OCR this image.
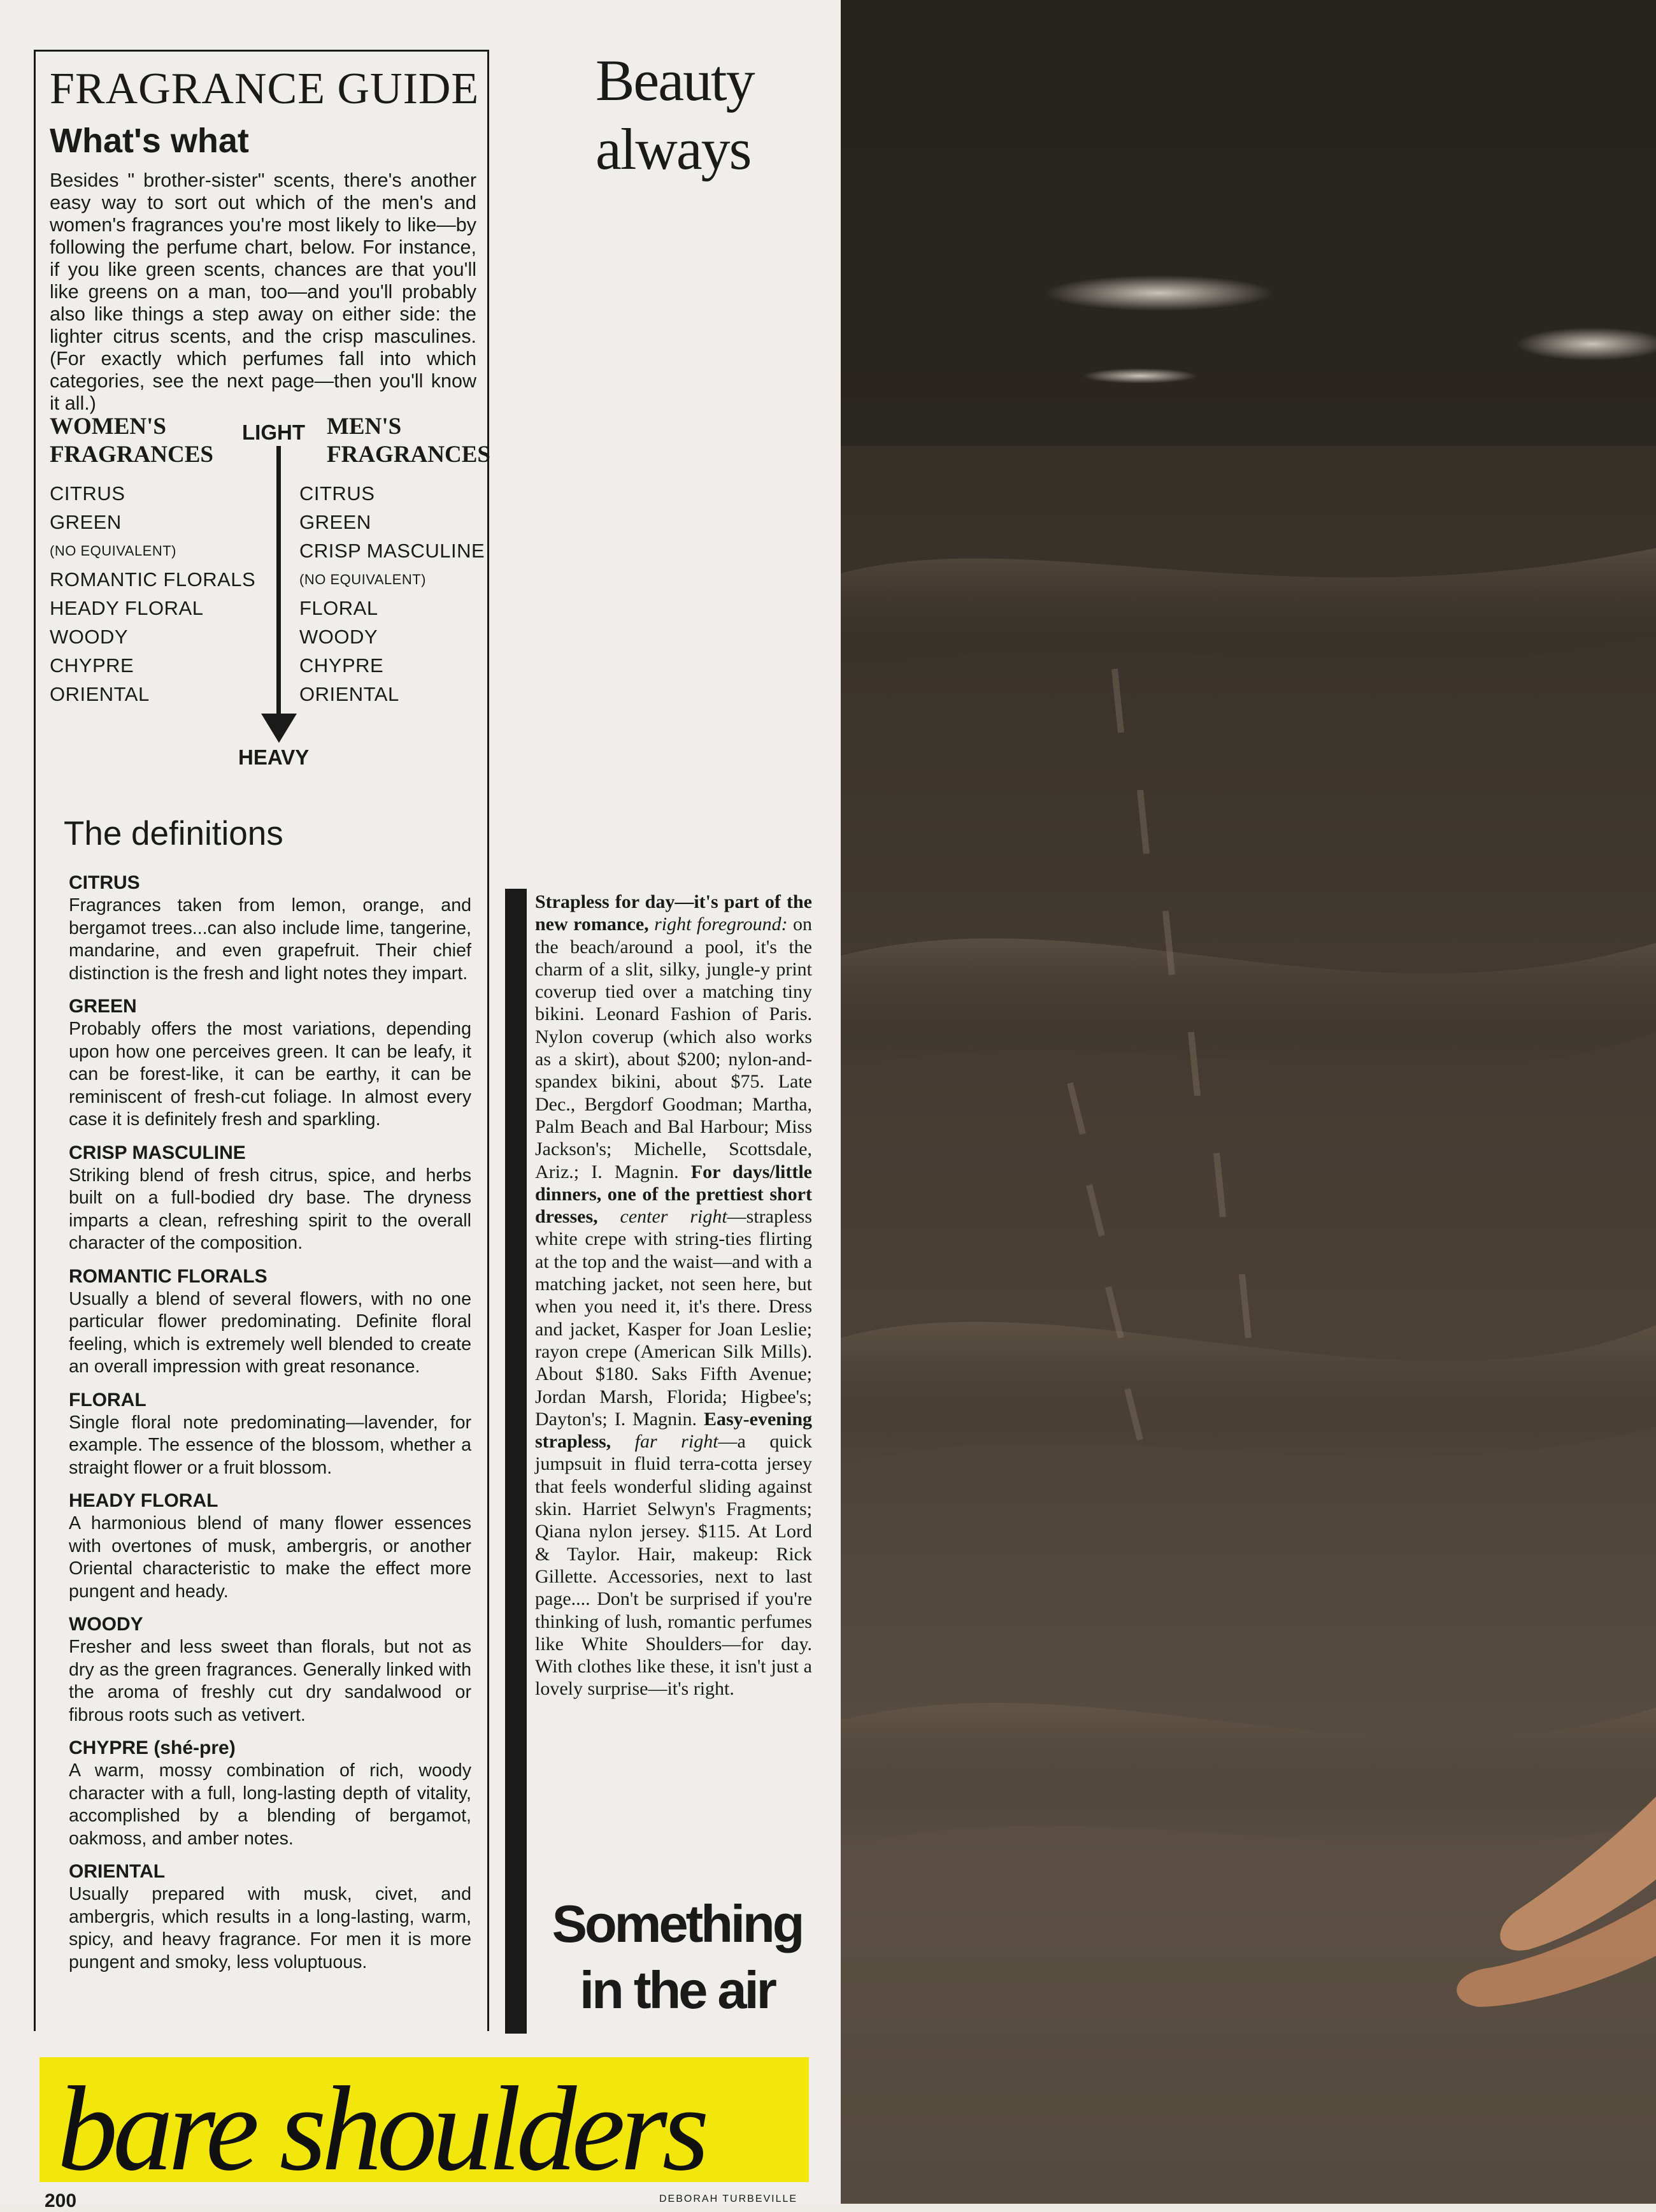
FRAGRANCE GUIDE
What's what

Besides " brother-sister" scents, there's another easy way to sort out which of the men's and women's fragrances you're most likely to like—by following the perfume chart, below. For instance, if you like green scents, chances are that you'll like greens on a man, too—and you'll probably also like things a step away on either side: the lighter citrus scents, and the crisp masculines. (For exactly which perfumes fall into which categories, see the next page—then you'll know it all.)

WOMEN'S
FRAGRANCES
MEN'S
FRAGRANCES
LIGHT
HEAVY
CITRUS
GREEN
(NO EQUIVALENT)
ROMANTIC FLORALS
HEADY FLORAL
WOODY
CHYPRE
ORIENTAL
CITRUS
GREEN
CRISP MASCULINE
(NO EQUIVALENT)
FLORAL
WOODY
CHYPRE
ORIENTAL
The definitions

CITRUS

Fragrances taken from lemon, orange, and bergamot trees...can also include lime, tangerine, mandarine, and even grapefruit. Their chief distinction is the fresh and light notes they impart.

GREEN

Probably offers the most variations, depending upon how one perceives green. It can be leafy, it can be forest-like, it can be earthy, it can be reminiscent of fresh-cut foliage. In almost every case it is definitely fresh and sparkling.

CRISP MASCULINE

Striking blend of fresh citrus, spice, and herbs built on a full-bodied dry base. The dryness imparts a clean, refreshing spirit to the overall character of the composition.

ROMANTIC FLORALS

Usually a blend of several flowers, with no one particular flower predominating. Definite floral feeling, which is extremely well blended to create an overall impression with great resonance.

FLORAL

Single floral note predominating—lavender, for example. The essence of the blossom, whether a straight flower or a fruit blossom.

HEADY FLORAL

A harmonious blend of many flower essences with overtones of musk, ambergris, or another Oriental characteristic to make the effect more pungent and heady.

WOODY

Fresher and less sweet than florals, but not as dry as the green fragrances. Generally linked with the aroma of freshly cut dry sandalwood or fibrous roots such as vetivert.

CHYPRE (shé-pre)

A warm, mossy combination of rich, woody character with a full, long-lasting depth of vitality, accomplished by a blending of bergamot, oakmoss, and amber notes.

ORIENTAL

Usually prepared with musk, civet, and ambergris, which results in a long-lasting, warm, spicy, and heavy fragrance. For men it is more pungent and smoky, less voluptuous.

Beauty
always

Strapless for day—it's part of the new romance, right foreground: on the beach/around a pool, it's the charm of a slit, silky, jungle-y print coverup tied over a matching tiny bikini. Leonard Fashion of Paris. Nylon coverup (which also works as a skirt), about $200; nylon-and-spandex bikini, about $75. Late Dec., Bergdorf Goodman; Martha, Palm Beach and Bal Harbour; Miss Jackson's; Michelle, Scottsdale, Ariz.; I. Magnin. For days/little dinners, one of the prettiest short dresses, center right—strapless white crepe with string-ties flirting at the top and the waist—and with a matching jacket, not seen here, but when you need it, it's there. Dress and jacket, Kasper for Joan Leslie; rayon crepe (American Silk Mills). About $180. Saks Fifth Avenue; Jordan Marsh, Florida; Higbee's; Dayton's; I. Magnin. Easy-evening strapless, far right—a quick jumpsuit in fluid terra-cotta jersey that feels wonderful sliding against skin. Harriet Selwyn's Fragments; Qiana nylon jersey. $115. At Lord & Taylor. Hair, makeup: Rick Gillette. Accessories, next to last page.... Don't be surprised if you're thinking of lush, romantic perfumes like White Shoulders—for day. With clothes like these, it isn't just a lovely surprise—it's right.

Something
in the air

bare shoulders

200	DEBORAH TURBEVILLE
